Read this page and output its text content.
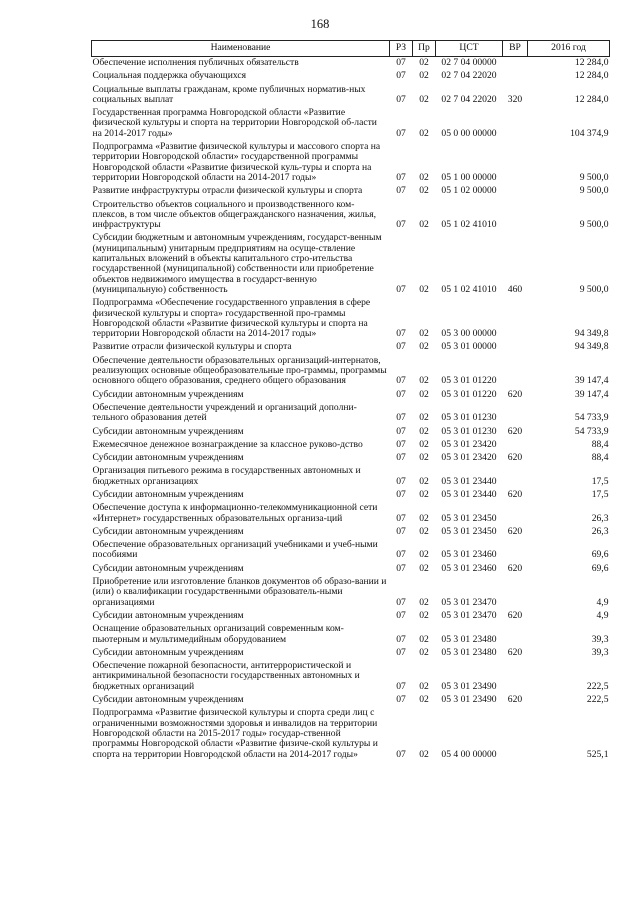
168
Наименование	РЗ	Пр	ЦСТ	ВР	2016 год
Обеспечение исполнения публичных обязательств	07	02	02 7 04 00000		12 284,0
Социальная поддержка обучающихся	07	02	02 7 04 22020		12 284,0
Социальные выплаты гражданам, кроме публичных норматив-ных социальных выплат	07	02	02 7 04 22020	320	12 284,0
Государственная программа Новгородской области «Развитие физической культуры и спорта на территории Новгородской об-ласти на 2014-2017 годы»	07	02	05 0 00 00000		104 374,9
Подпрограмма «Развитие физической культуры и массового спорта на территории Новгородской области» государственной программы Новгородской области «Развитие физической куль-туры и спорта на территории Новгородской области на 2014-2017 годы»	07	02	05 1 00 00000		9 500,0
Развитие инфраструктуры отрасли физической культуры и спорта	07	02	05 1 02 00000		9 500,0
Строительство объектов социального и производственного ком-плексов, в том числе объектов общегражданского назначения, жилья, инфраструктуры	07	02	05 1 02 41010		9 500,0
Субсидии бюджетным и автономным учреждениям, государст-венным (муниципальным) унитарным предприятиям на осуще-ствление капитальных вложений в объекты капитального стро-ительства государственной (муниципальной) собственности или приобретение объектов недвижимого имущества в государст-венную (муниципальную) собственность	07	02	05 1 02 41010	460	9 500,0
Подпрограмма «Обеспечение государственного управления в сфере физической культуры и спорта» государственной про-граммы Новгородской области «Развитие физической культуры и спорта на территории Новгородской области на 2014-2017 годы»	07	02	05 3 00 00000		94 349,8
Развитие отрасли физической культуры и спорта	07	02	05 3 01 00000		94 349,8
Обеспечение деятельности образовательных организаций-интернатов, реализующих основные общеобразовательные про-граммы, программы основного общего образования, среднего общего образования	07	02	05 3 01 01220		39 147,4
Субсидии автономным учреждениям	07	02	05 3 01 01220	620	39 147,4
Обеспечение деятельности учреждений и организаций дополни-тельного образования детей	07	02	05 3 01 01230		54 733,9
Субсидии автономным учреждениям	07	02	05 3 01 01230	620	54 733,9
Ежемесячное денежное вознаграждение за классное руково-дство	07	02	05 3 01 23420		88,4
Субсидии автономным учреждениям	07	02	05 3 01 23420	620	88,4
Организация питьевого режима в государственных автономных и бюджетных организациях	07	02	05 3 01 23440		17,5
Субсидии автономным учреждениям	07	02	05 3 01 23440	620	17,5
Обеспечение доступа к информационно-телекоммуникационной сети «Интернет» государственных образовательных организа-ций	07	02	05 3 01 23450		26,3
Субсидии автономным учреждениям	07	02	05 3 01 23450	620	26,3
Обеспечение образовательных организаций учебниками и учеб-ными пособиями	07	02	05 3 01 23460		69,6
Субсидии автономным учреждениям	07	02	05 3 01 23460	620	69,6
Приобретение или изготовление бланков документов об образо-вании и (или) о квалификации государственными образователь-ными организациями	07	02	05 3 01 23470		4,9
Субсидии автономным учреждениям	07	02	05 3 01 23470	620	4,9
Оснащение образовательных организаций современным ком-пьютерным и мультимедийным оборудованием	07	02	05 3 01 23480		39,3
Субсидии автономным учреждениям	07	02	05 3 01 23480	620	39,3
Обеспечение пожарной безопасности, антитеррористической и антикриминальной безопасности государственных автономных и бюджетных организаций	07	02	05 3 01 23490		222,5
Субсидии автономным учреждениям	07	02	05 3 01 23490	620	222,5
Подпрограмма «Развитие физической культуры и спорта среди лиц с ограниченными возможностями здоровья и инвалидов на территории Новгородской области на 2015-2017 годы» государ-ственной программы Новгородской области «Развитие физиче-ской культуры и спорта на территории Новгородской области на 2014-2017 годы»	07	02	05 4 00 00000		525,1
